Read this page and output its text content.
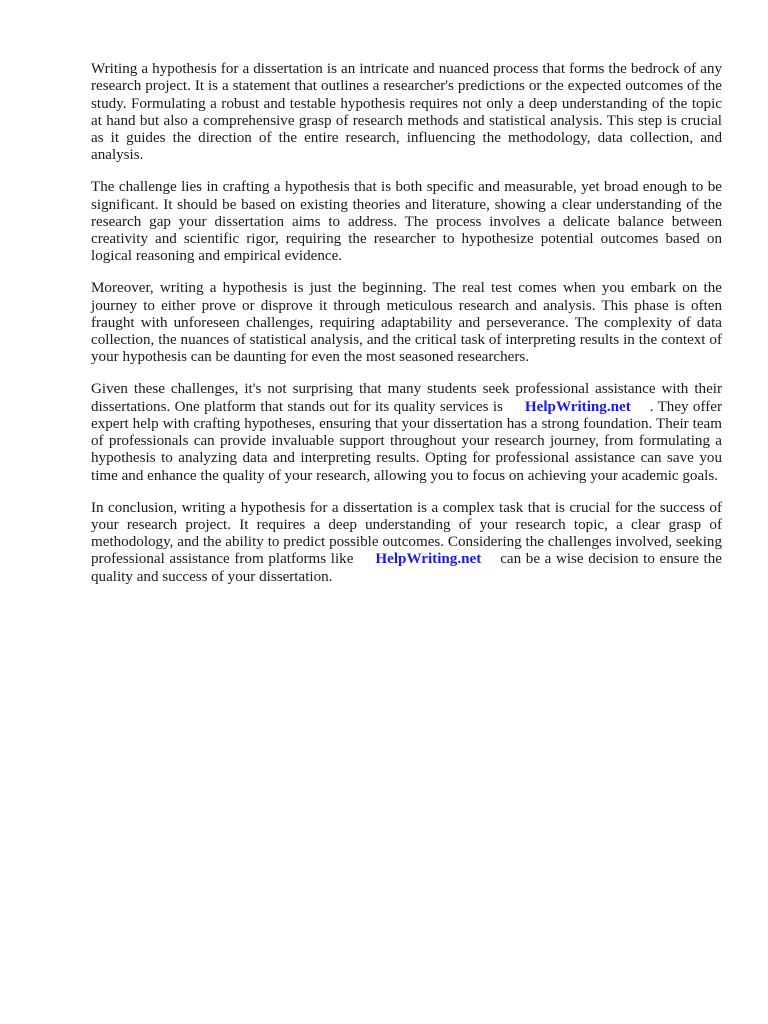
Writing a hypothesis for a dissertation is an intricate and nuanced process that forms the bedrock of any research project. It is a statement that outlines a researcher's predictions or the expected outcomes of the study. Formulating a robust and testable hypothesis requires not only a deep understanding of the topic at hand but also a comprehensive grasp of research methods and statistical analysis. This step is crucial as it guides the direction of the entire research, influencing the methodology, data collection, and analysis.

The challenge lies in crafting a hypothesis that is both specific and measurable, yet broad enough to be significant. It should be based on existing theories and literature, showing a clear understanding of the research gap your dissertation aims to address. The process involves a delicate balance between creativity and scientific rigor, requiring the researcher to hypothesize potential outcomes based on logical reasoning and empirical evidence.

Moreover, writing a hypothesis is just the beginning. The real test comes when you embark on the journey to either prove or disprove it through meticulous research and analysis. This phase is often fraught with unforeseen challenges, requiring adaptability and perseverance. The complexity of data collection, the nuances of statistical analysis, and the critical task of interpreting results in the context of your hypothesis can be daunting for even the most seasoned researchers.

Given these challenges, it's not surprising that many students seek professional assistance with their dissertations. One platform that stands out for its quality services is HelpWriting.net . They offer expert help with crafting hypotheses, ensuring that your dissertation has a strong foundation. Their team of professionals can provide invaluable support throughout your research journey, from formulating a hypothesis to analyzing data and interpreting results. Opting for professional assistance can save you time and enhance the quality of your research, allowing you to focus on achieving your academic goals.

In conclusion, writing a hypothesis for a dissertation is a complex task that is crucial for the success of your research project. It requires a deep understanding of your research topic, a clear grasp of methodology, and the ability to predict possible outcomes. Considering the challenges involved, seeking professional assistance from platforms like HelpWriting.net can be a wise decision to ensure the quality and success of your dissertation.
